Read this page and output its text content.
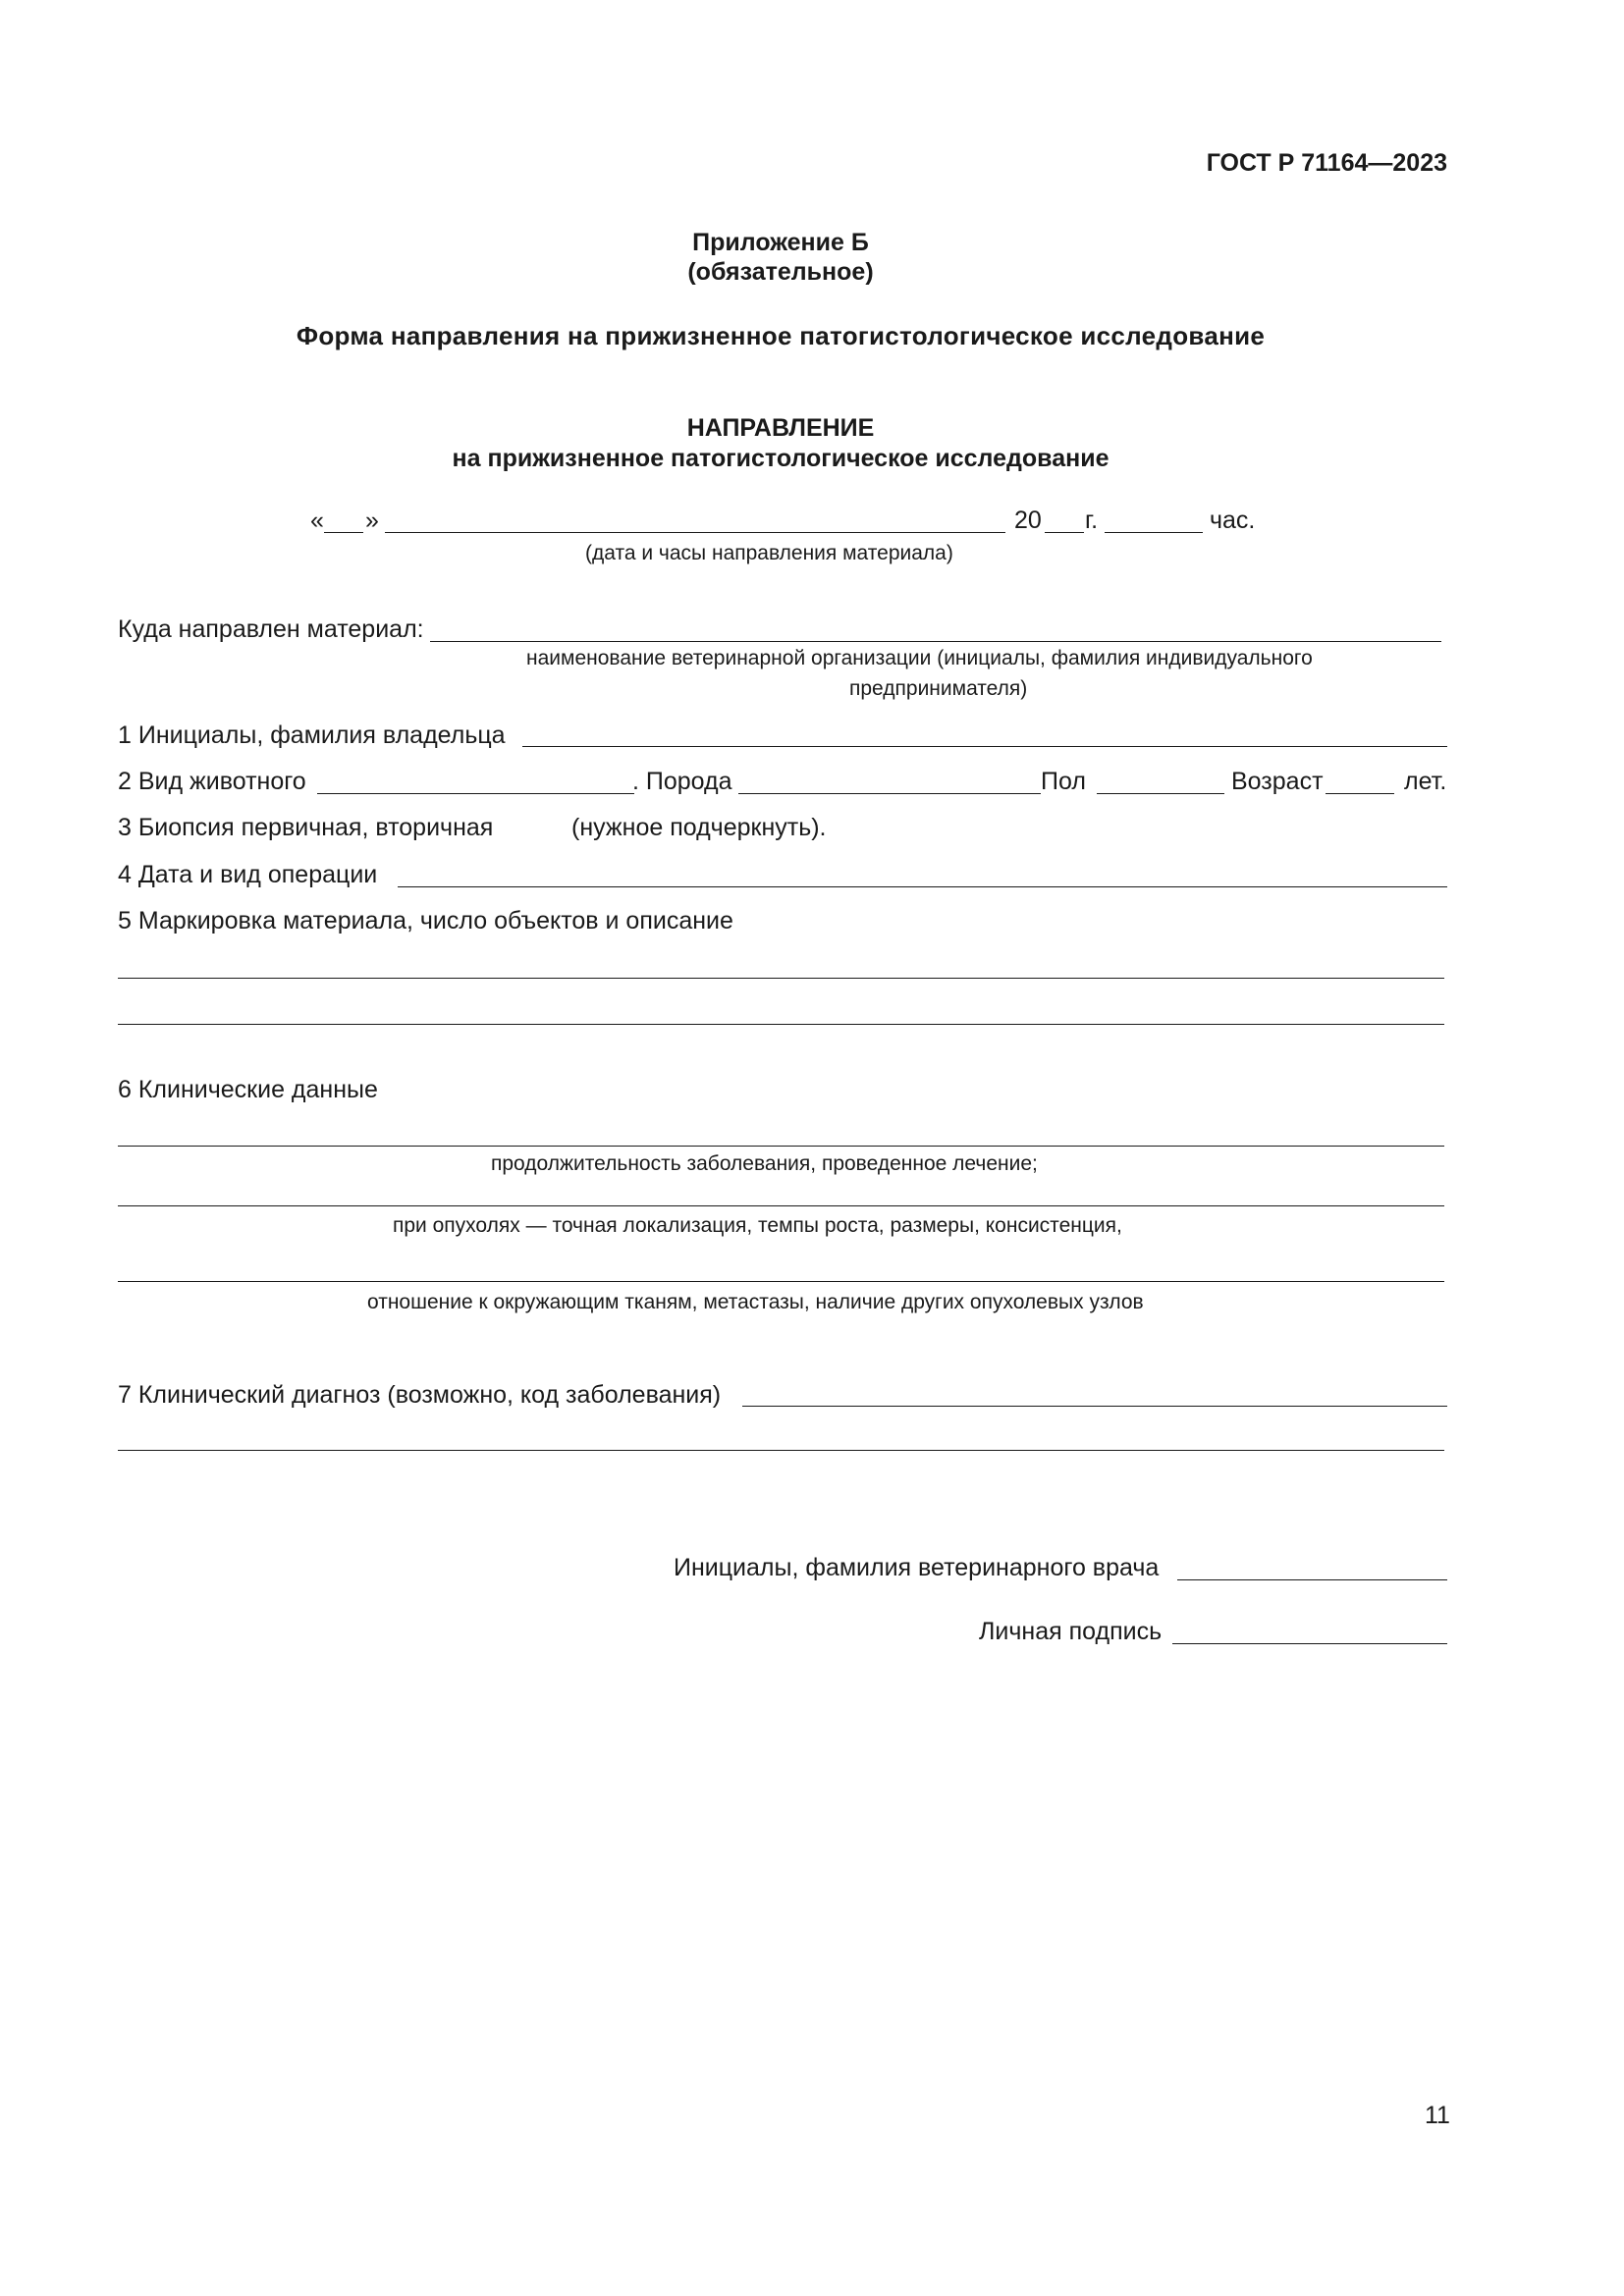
ГОСТ Р 71164—2023
Приложение Б
(обязательное)
Форма направления на прижизненное патогистологическое исследование
НАПРАВЛЕНИЕ
на прижизненное патогистологическое исследование
« »	20 г.	час.
(дата и часы направления материала)
Куда направлен материал:
наименование ветеринарной организации (инициалы, фамилия индивидуального
предпринимателя)
1 Инициалы, фамилия владельца
2 Вид животного	. Порода	Пол	Возраст	лет.
3 Биопсия первичная, вторичная	(нужное подчеркнуть).
4 Дата и вид операции
5 Маркировка материала, число объектов и описание
6 Клинические данные
продолжительность заболевания, проведенное лечение;
при опухолях — точная локализация, темпы роста, размеры, консистенция,
отношение к окружающим тканям, метастазы, наличие других опухолевых узлов
7 Клинический диагноз (возможно, код заболевания)
Инициалы, фамилия ветеринарного врача
Личная подпись
11
